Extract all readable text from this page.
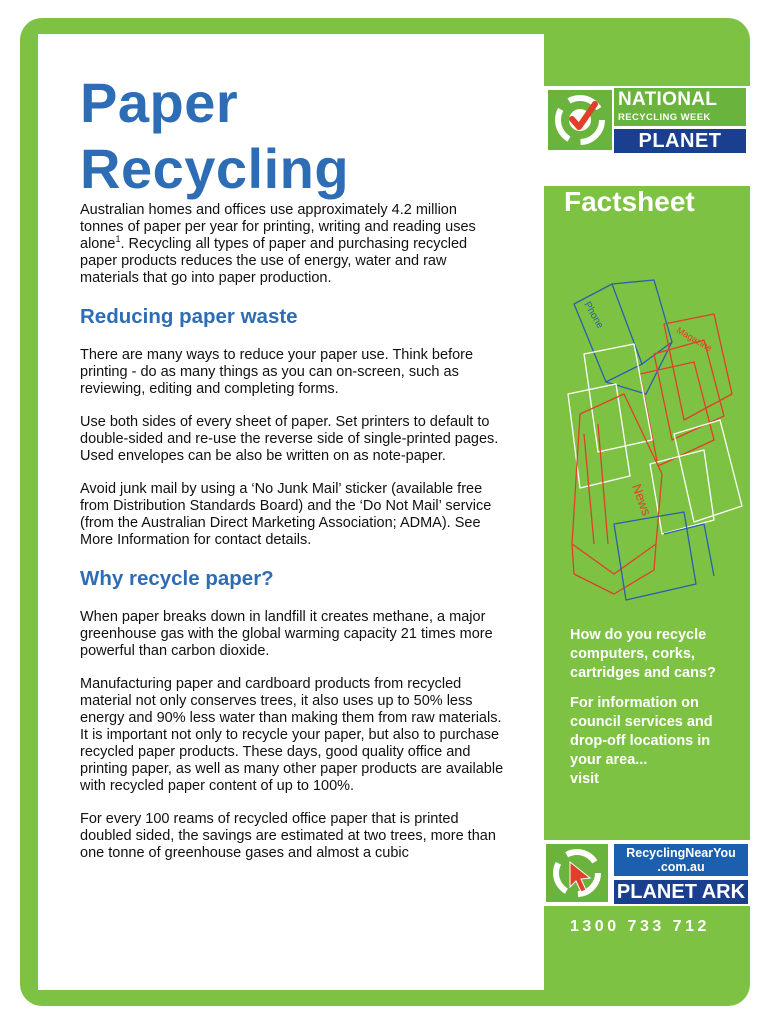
Paper
Recycling

Australian homes and offices use approximately 4.2 million tonnes of paper per year for printing, writing and reading uses alone$^1$. Recycling all types of paper and purchasing recycled paper products reduces the use of energy, water and raw materials that go into paper production.

Reducing paper waste

There are many ways to reduce your paper use. Think before printing - do as many things as you can on-screen, such as reviewing, editing and completing forms.

Use both sides of every sheet of paper. Set printers to default to double-sided and re-use the reverse side of single-printed pages. Used envelopes can be also be written on as note-paper.

Avoid junk mail by using a ‘No Junk Mail’ sticker (available free from Distribution Standards Board) and the ‘Do Not Mail’ service (from the Australian Direct Marketing Association; ADMA). See More Information for contact details.

Why recycle paper?

When paper breaks down in landfill it creates methane, a major greenhouse gas with the global warming capacity 21 times more powerful than carbon dioxide.

Manufacturing paper and cardboard products from recycled material not only conserves trees, it also uses up to 50% less energy and 90% less water than making them from raw materials. It is important not only to recycle your paper, but also to purchase recycled paper products. These days, good quality office and printing paper, as well as many other paper products are available with recycled paper content of up to 100%.

For every 100 reams of recycled office paper that is printed doubled sided, the savings are estimated at two trees, more than one tonne of greenhouse gases and almost a cubic

NATIONAL
RECYCLING WEEK
PLANET ARK
Factsheet
Phone
Magazine
News

How do you recycle computers, corks, cartridges and cans?

For information on council services and drop-off locations in your area...

visit

RecyclingNearYou
.com.au
PLANET ARK
1300 733 712
